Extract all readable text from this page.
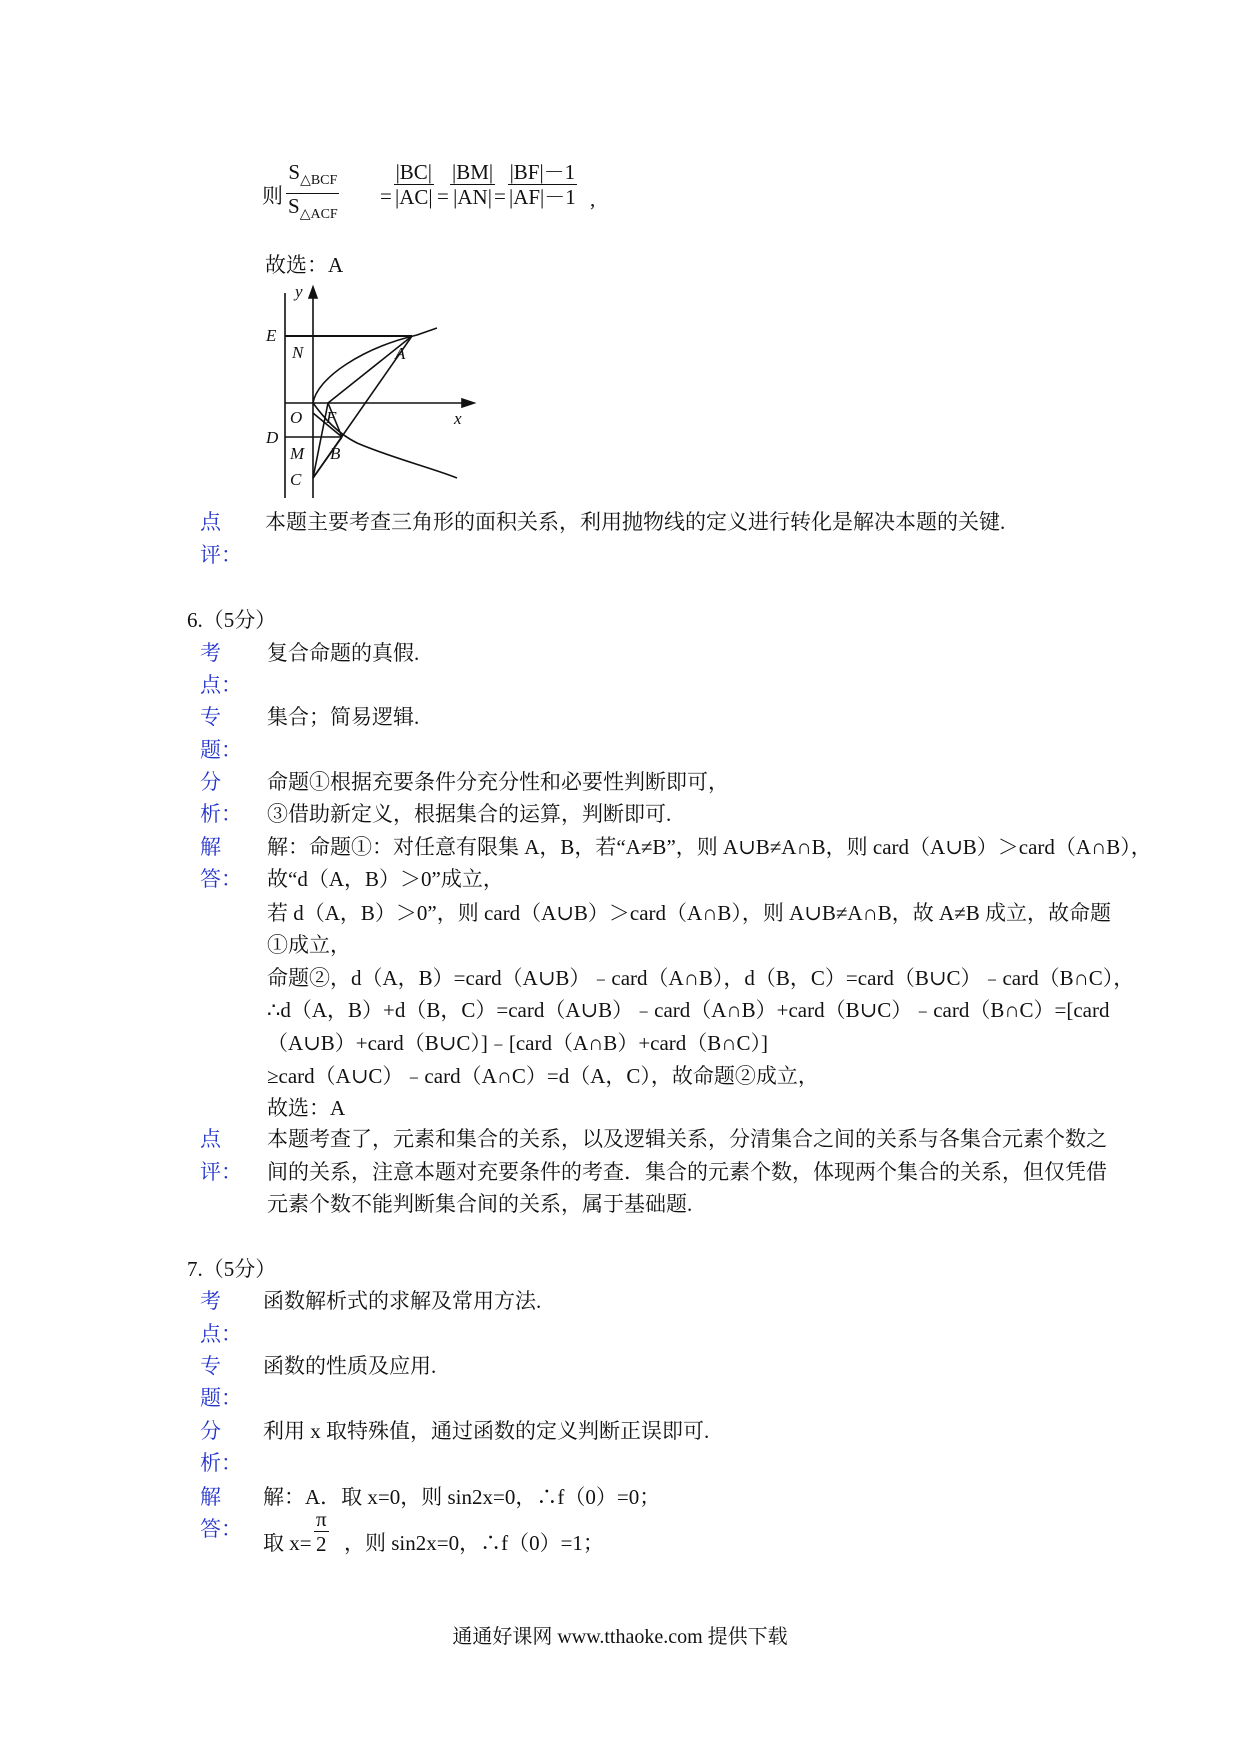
则
$S_{\triangle BCF}$
$S_{\triangle ACF}$
= $\frac{|BC|}{|AC|} = \frac{|BM|}{|AN|}$
= $\frac{|BF|-1}{|AF|-1}$ ,
故选：A
y
E
N	A
O F	x
D
M B
C
点
评：
本题主要考查三角形的面积关系，利用抛物线的定义进行转化是解决本题的关键.
6.（5分）
考
点：
复合命题的真假.
专
题：
集合；简易逻辑.
分
析：
命题①根据充要条件分充分性和必要性判断即可，
③借助新定义，根据集合的运算，判断即可.
解
答：
解：命题①：对任意有限集 A，B，若“A≠B”，则 A∪B≠A∩B，则 card（A∪B）＞card（A∩B），
故“d（A，B）＞0”成立，
若 d（A，B）＞0”，则 card（A∪B）＞card（A∩B），则 A∪B≠A∩B，故 A≠B 成立，故命题
①成立，
命题②，d（A，B）=card（A∪B）﹣card（A∩B），d（B，C）=card（B∪C）﹣card（B∩C），
∴d（A，B）+d（B，C）=card（A∪B）﹣card（A∩B）+card（B∪C）﹣card（B∩C）=[card
（A∪B）+card（B∪C）]﹣[card（A∩B）+card（B∩C）]
≥card（A∪C）﹣card（A∩C）=d（A，C），故命题②成立，
故选：A
点
评：
本题考查了，元素和集合的关系，以及逻辑关系，分清集合之间的关系与各集合元素个数之
间的关系，注意本题对充要条件的考查．集合的元素个数，体现两个集合的关系，但仅凭借
元素个数不能判断集合间的关系，属于基础题.
7.（5分）
考
点：
函数解析式的求解及常用方法.
专
题：
函数的性质及应用.
分
析：
利用 x 取特殊值，通过函数的定义判断正误即可.
解
答：
解：A．取 x=0，则 sin2x=0，∴f（0）=0；
取 $x= \frac{\pi}{2}$ ，则 sin2x=0，∴f（0）=1；
通通好课网 www.tthaoke.com 提供下载
